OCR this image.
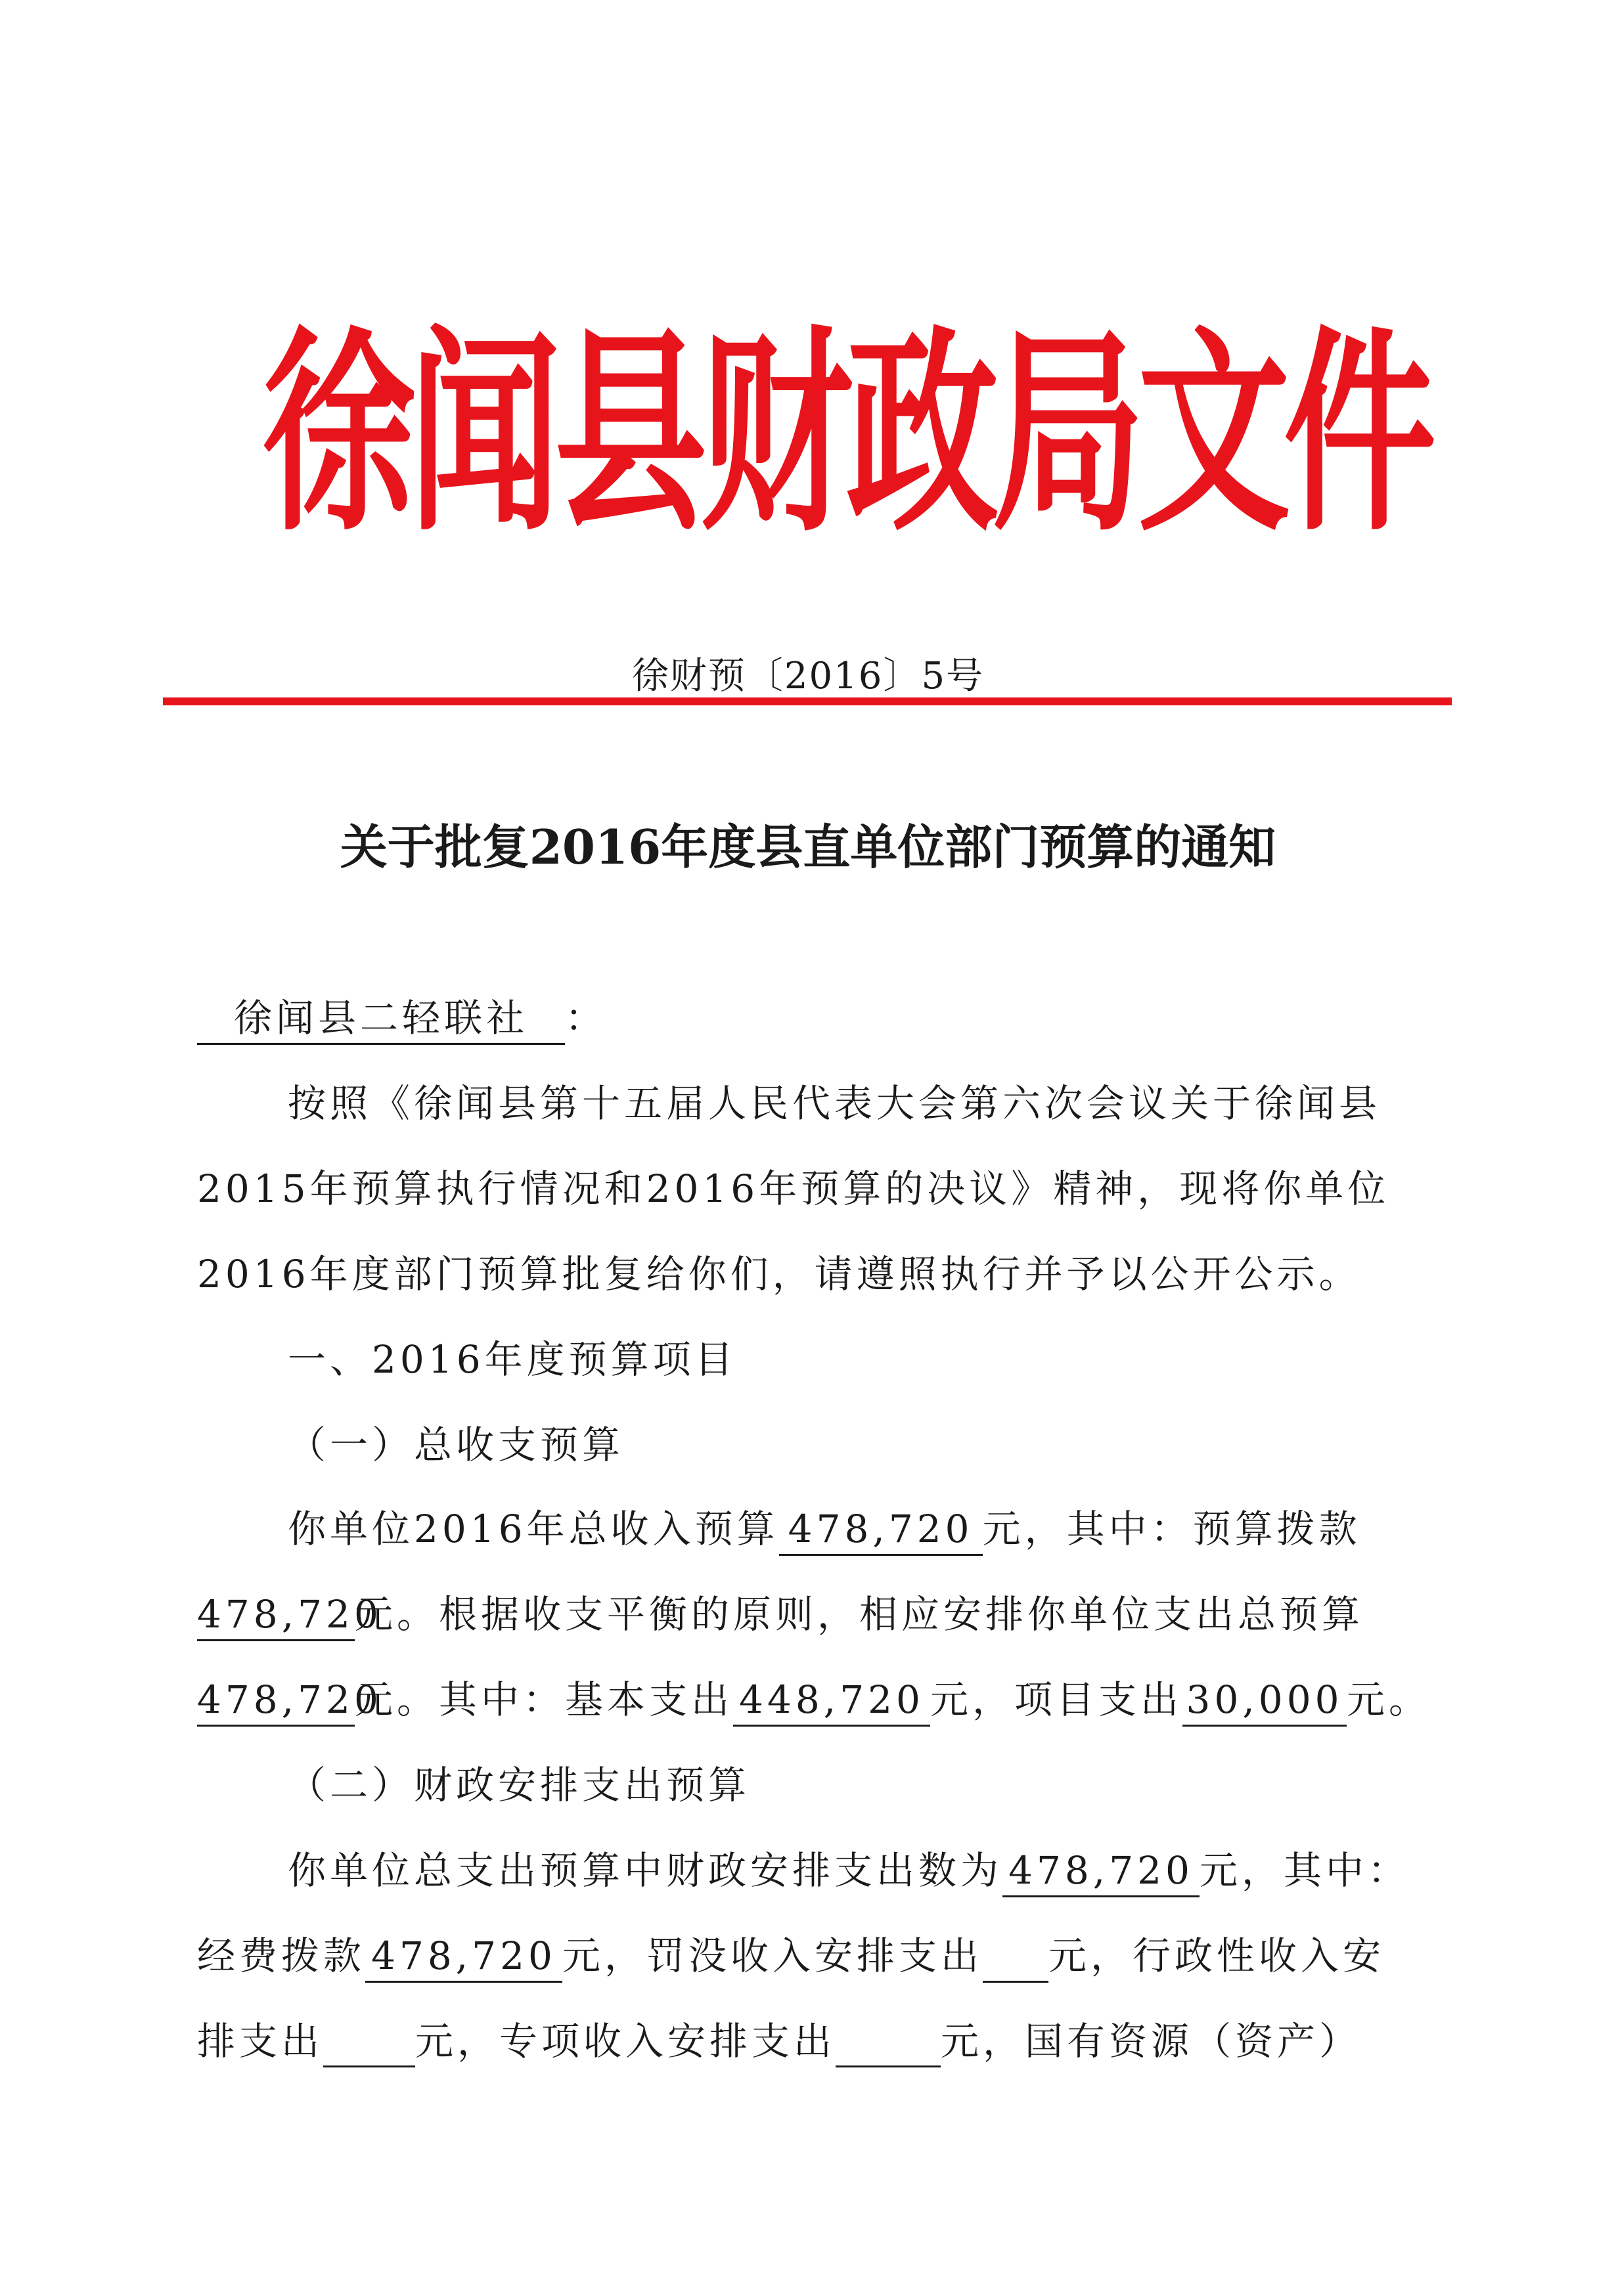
徐闻县财政局文件
徐财预〔2016〕5号
关于批复2016年度县直单位部门预算的通知
徐闻县二轻联社 ：
按照《徐闻县第十五届人民代表大会第六次会议关于徐闻县
2015年预算执行情况和2016年预算的决议》精神，现将你单位
2016年度部门预算批复给你们，请遵照执行并予以公开公示。
一、2016年度预算项目
（一）总收支预算
你单位2016年总收入预算 478,720 元，其中：预算拨款
478,720元。根据收支平衡的原则，相应安排你单位支出总预算
478,720元。其中：基本支出 448,720 元，项目支出30,000元。
（二）财政安排支出预算
你单位总支出预算中财政安排支出数为 478,720 元，其中：
经费拨款 478,720 元，罚没收入安排支出 元，行政性收入安
排支出 元，专项收入安排支出	元，国有资源（资产）
